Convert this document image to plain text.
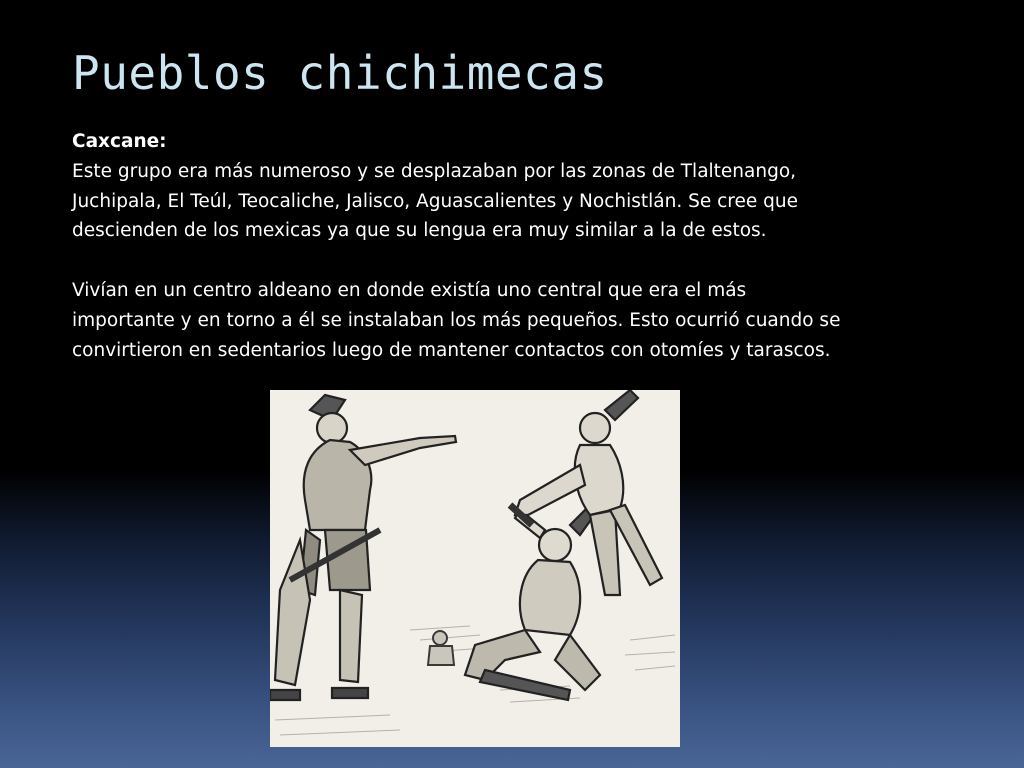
Pueblos chichimecas

Caxcane:

Este grupo era más numeroso y se desplazaban por las zonas de Tlaltenango,

Juchipala, El Teúl, Teocaliche, Jalisco, Aguascalientes y Nochistlán. Se cree que

descienden de los mexicas ya que su lengua era muy similar a la de estos.

Vivían en un centro aldeano en donde existía uno central que era el más

importante y en torno a él se instalaban los más pequeños. Esto ocurrió cuando se

convirtieron en sedentarios luego de mantener contactos con otomíes y tarascos.
